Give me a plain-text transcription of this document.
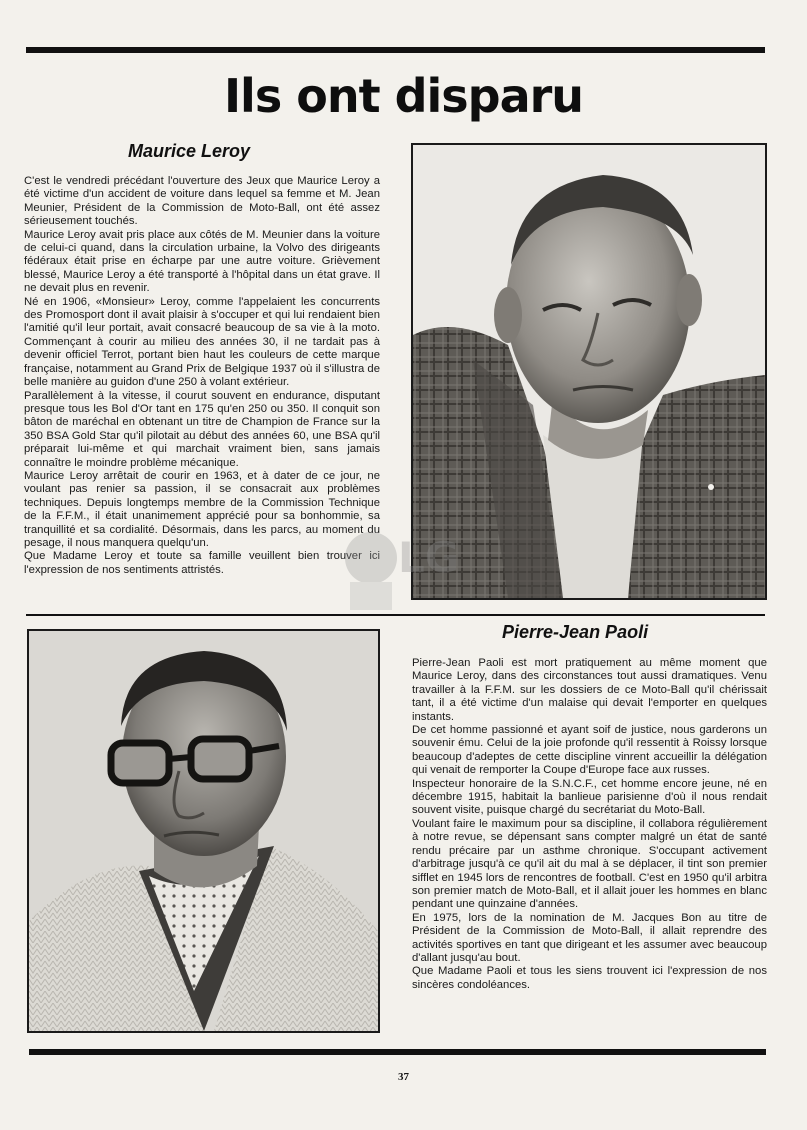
Ils ont disparu
Maurice Leroy

C'est le vendredi précédant l'ouverture des Jeux que Maurice Leroy a été victime d'un accident de voiture dans lequel sa femme et M. Jean Meunier, Président de la Commission de Moto-Ball, ont été assez sérieusement touchés.

Maurice Leroy avait pris place aux côtés de M. Meunier dans la voiture de celui-ci quand, dans la circulation urbaine, la Volvo des dirigeants fédéraux était prise en écharpe par une autre voiture. Grièvement blessé, Maurice Leroy a été transporté à l'hôpital dans un état grave. Il ne devait plus en revenir.

Né en 1906, «Monsieur» Leroy, comme l'appelaient les concurrents des Promosport dont il avait plaisir à s'occuper et qui lui rendaient bien l'amitié qu'il leur portait, avait consacré beaucoup de sa vie à la moto. Commençant à courir au milieu des années 30, il ne tardait pas à devenir officiel Terrot, portant bien haut les couleurs de cette marque française, notamment au Grand Prix de Belgique 1937 où il s'illustra de belle manière au guidon d'une 250 à volant extérieur.

Parallèlement à la vitesse, il courut souvent en endurance, disputant presque tous les Bol d'Or tant en 175 qu'en 250 ou 350. Il conquit son bâton de maréchal en obtenant un titre de Champion de France sur la 350 BSA Gold Star qu'il pilotait au début des années 60, une BSA qu'il préparait lui-même et qui marchait vraiment bien, sans jamais connaître le moindre problème mécanique.

Maurice Leroy arrêtait de courir en 1963, et à dater de ce jour, ne voulant pas renier sa passion, il se consacrait aux problèmes techniques. Depuis longtemps membre de la Commission Technique de la F.F.M., il était unanimement apprécié pour sa bonhommie, sa tranquillité et sa cordialité. Désormais, dans les parcs, au moment du pesage, il nous manquera quelqu'un.

Que Madame Leroy et toute sa famille veuillent bien trouver ici l'expression de nos sentiments attristés.	LG
Pierre-Jean Paoli

Pierre-Jean Paoli est mort pratiquement au même moment que Maurice Leroy, dans des circonstances tout aussi dramatiques. Venu travailler à la F.F.M. sur les dossiers de ce Moto-Ball qu'il chérissait tant, il a été victime d'un malaise qui devait l'emporter en quelques instants.

De cet homme passionné et ayant soif de justice, nous garderons un souvenir ému. Celui de la joie profonde qu'il ressentit à Roissy lorsque beaucoup d'adeptes de cette discipline vinrent accueillir la délégation qui venait de remporter la Coupe d'Europe face aux russes.

Inspecteur honoraire de la S.N.C.F., cet homme encore jeune, né en décembre 1915, habitait la banlieue parisienne d'où il nous rendait souvent visite, puisque chargé du secrétariat du Moto-Ball.

Voulant faire le maximum pour sa discipline, il collabora régulièrement à notre revue, se dépensant sans compter malgré un état de santé rendu précaire par un asthme chronique. S'occupant activement d'arbitrage jusqu'à ce qu'il ait du mal à se déplacer, il tint son premier sifflet en 1945 lors de rencontres de football. C'est en 1950 qu'il arbitra son premier match de Moto-Ball, et il allait jouer les hommes en blanc pendant une quinzaine d'années.

En 1975, lors de la nomination de M. Jacques Bon au titre de Président de la Commission de Moto-Ball, il allait reprendre des activités sportives en tant que dirigeant et les assumer avec beaucoup d'allant jusqu'au bout.

Que Madame Paoli et tous les siens trouvent ici l'expression de nos sincères condoléances.

37
